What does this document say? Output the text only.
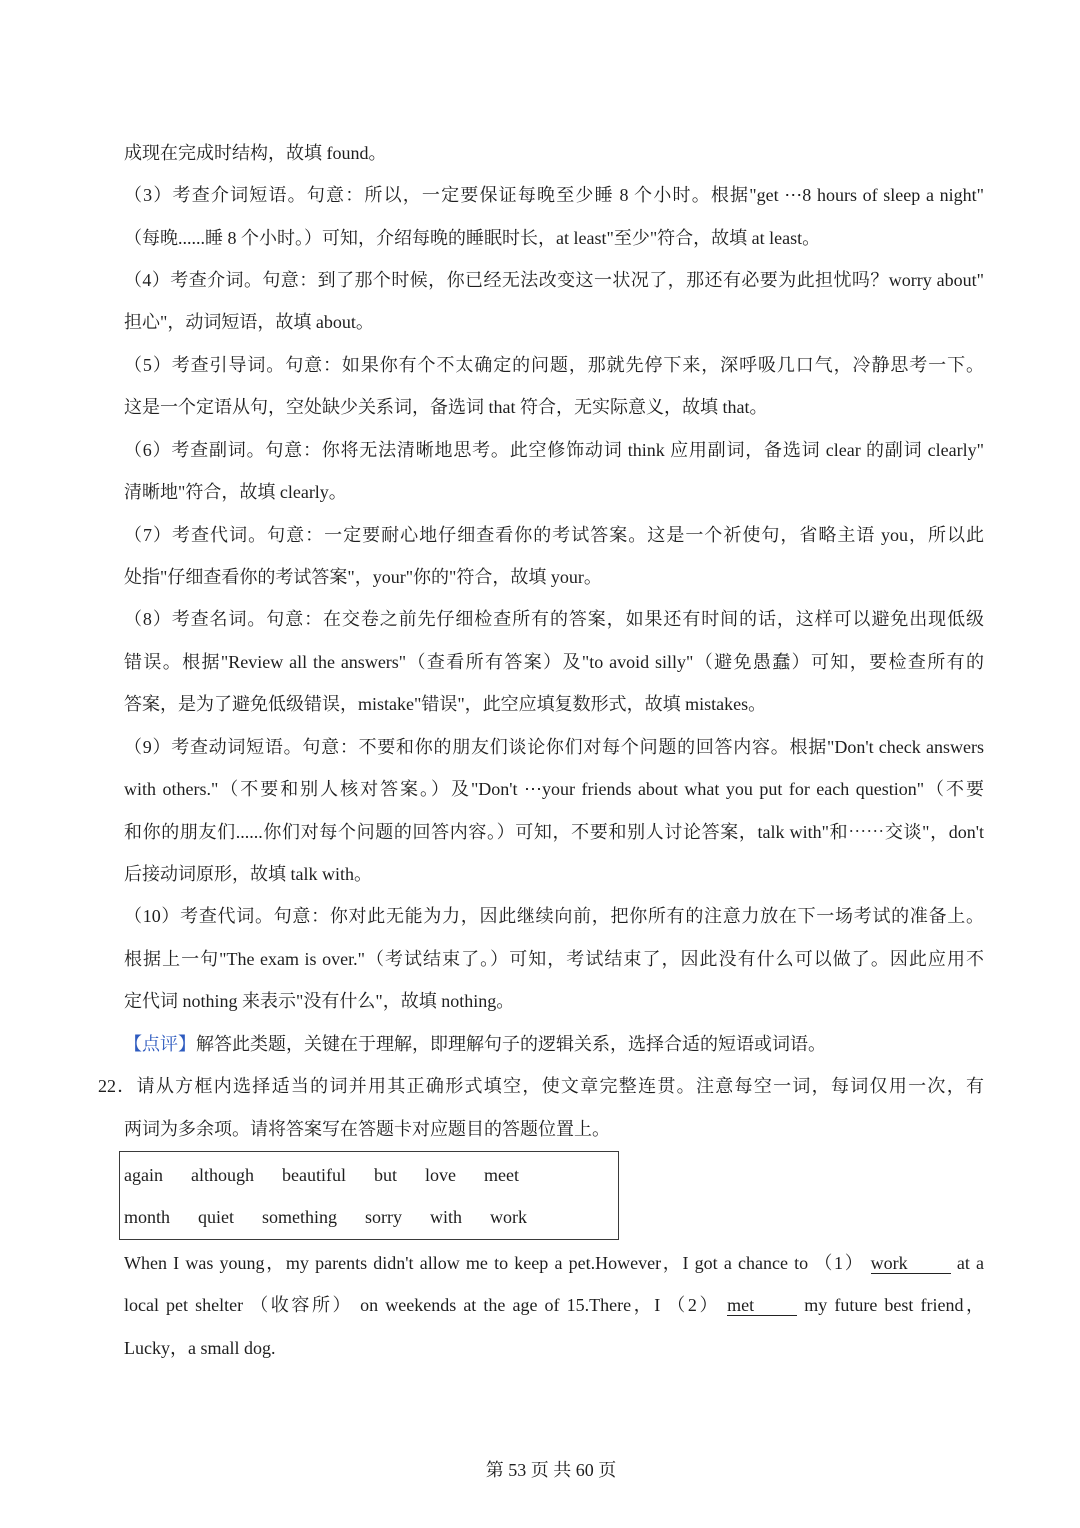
成现在完成时结构，故填 found。
（3）考查介词短语。句意：所以，一定要保证每晚至少睡 8 个小时。根据"get ⋯8 hours of sleep a night"
（每晚......睡 8 个小时。）可知，介绍每晚的睡眠时长，at least"至少"符合，故填 at least。
（4）考查介词。句意：到了那个时候，你已经无法改变这一状况了，那还有必要为此担忧吗？worry about"
担心"，动词短语，故填 about。
（5）考查引导词。句意：如果你有个不太确定的问题，那就先停下来，深呼吸几口气，冷静思考一下。
这是一个定语从句，空处缺少关系词，备选词 that 符合，无实际意义，故填 that。
（6）考查副词。句意：你将无法清晰地思考。此空修饰动词 think 应用副词，备选词 clear 的副词 clearly"
清晰地"符合，故填 clearly。
（7）考查代词。句意：一定要耐心地仔细查看你的考试答案。这是一个祈使句，省略主语 you，所以此
处指"仔细查看你的考试答案"，your"你的"符合，故填 your。
（8）考查名词。句意：在交卷之前先仔细检查所有的答案，如果还有时间的话，这样可以避免出现低级
错误。根据"Review all the answers"（查看所有答案）及"to avoid silly"（避免愚蠢）可知，要检查所有的
答案，是为了避免低级错误，mistake"错误"，此空应填复数形式，故填 mistakes。
（9）考查动词短语。句意：不要和你的朋友们谈论你们对每个问题的回答内容。根据"Don't check answers
with others."（不要和别人核对答案。）及"Don't ⋯your friends about what you put for each question"（不要
和你的朋友们......你们对每个问题的回答内容。）可知，不要和别人讨论答案，talk with"和⋯⋯交谈"，don't
后接动词原形，故填 talk with。
（10）考查代词。句意：你对此无能为力，因此继续向前，把你所有的注意力放在下一场考试的准备上。
根据上一句"The exam is over."（考试结束了。）可知，考试结束了，因此没有什么可以做了。因此应用不
定代词 nothing 来表示"没有什么"，故填 nothing。
【点评】解答此类题，关键在于理解，即理解句子的逻辑关系，选择合适的短语或词语。
22．请从方框内选择适当的词并用其正确形式填空，使文章完整连贯。注意每空一词，每词仅用一次，有
两词为多余项。请将答案写在答题卡对应题目的答题位置上。
again although beautiful but love meet
month quiet something sorry with work
When I was young，my parents didn't allow me to keep a pet.However，I got a chance to （1） work	at a
local pet shelter （收容所） on weekends at the age of 15.There，I （2） met	my future best friend，
Lucky，a small dog.
第 53 页 共 60 页
